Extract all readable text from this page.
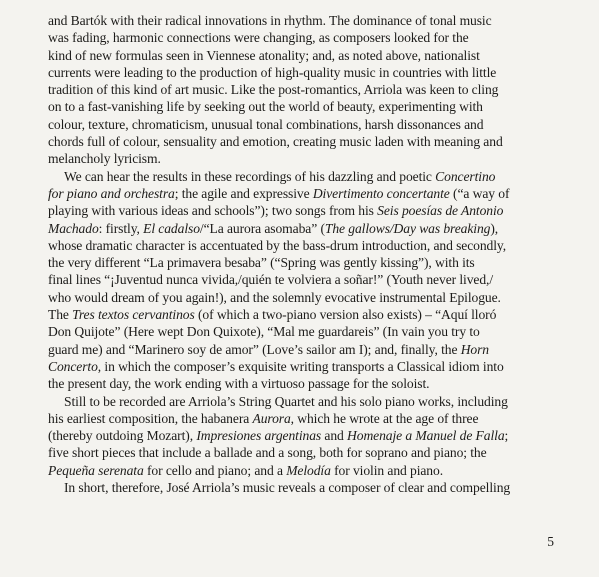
and Bartók with their radical innovations in rhythm. The dominance of tonal music
was fading, harmonic connections were changing, as composers looked for the
kind of new formulas seen in Viennese atonality; and, as noted above, nationalist
currents were leading to the production of high-quality music in countries with little
tradition of this kind of art music. Like the post-romantics, Arriola was keen to cling
on to a fast-vanishing life by seeking out the world of beauty, experimenting with
colour, texture, chromaticism, unusual tonal combinations, harsh dissonances and
chords full of colour, sensuality and emotion, creating music laden with meaning and
melancholy lyricism.

We can hear the results in these recordings of his dazzling and poetic Concertino
for piano and orchestra; the agile and expressive Divertimento concertante (“a way of
playing with various ideas and schools”); two songs from his Seis poesías de Antonio
Machado: firstly, El cadalso/“La aurora asomaba” (The gallows/Day was breaking),
whose dramatic character is accentuated by the bass-drum introduction, and secondly,
the very different “La primavera besaba” (“Spring was gently kissing”), with its
final lines “¡Juventud nunca vivida,/quién te volviera a soñar!” (Youth never lived,/
who would dream of you again!), and the solemnly evocative instrumental Epilogue.
The Tres textos cervantinos (of which a two-piano version also exists) – “Aquí lloró
Don Quijote” (Here wept Don Quixote), “Mal me guardareis” (In vain you try to
guard me) and “Marinero soy de amor” (Love’s sailor am I); and, finally, the Horn
Concerto, in which the composer’s exquisite writing transports a Classical idiom into
the present day, the work ending with a virtuoso passage for the soloist.

Still to be recorded are Arriola’s String Quartet and his solo piano works, including
his earliest composition, the habanera Aurora, which he wrote at the age of three
(thereby outdoing Mozart), Impresiones argentinas and Homenaje a Manuel de Falla;
five short pieces that include a ballade and a song, both for soprano and piano; the
Pequeña serenata for cello and piano; and a Melodía for violin and piano.

In short, therefore, José Arriola’s music reveals a composer of clear and compelling

5
